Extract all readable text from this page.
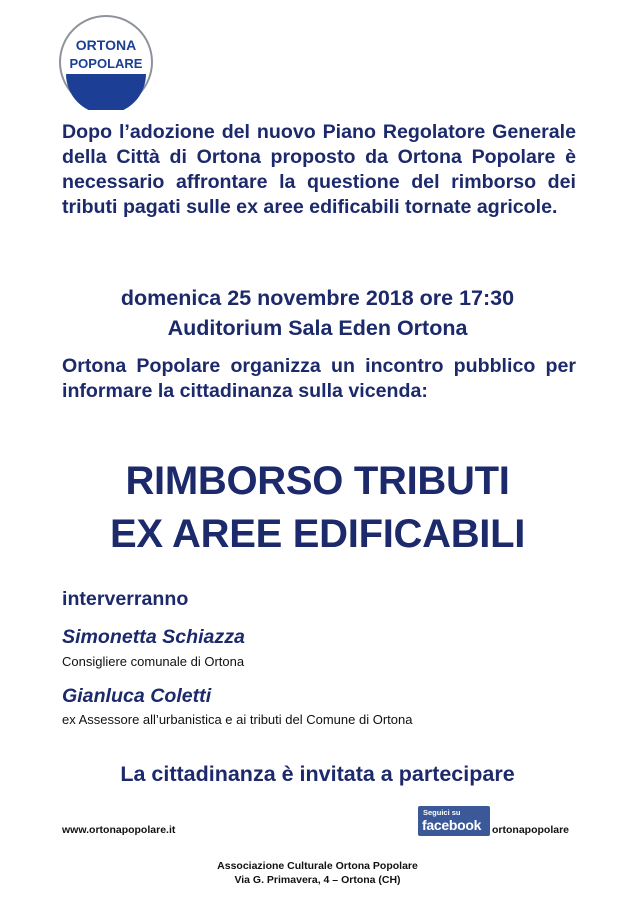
ORTONA
POPOLARE

Dopo l’adozione del nuovo Piano Regolatore Generale della Città di Ortona proposto da Ortona Popolare è necessario affrontare la questione del rimborso dei tributi pagati sulle ex aree edificabili tornate agricole.

domenica 25 novembre 2018 ore 17:30

Auditorium Sala Eden Ortona

Ortona Popolare organizza un incontro pubblico per informare la cittadinanza sulla vicenda:

RIMBORSO TRIBUTI
EX AREE EDIFICABILI

interverranno

Simonetta Schiazza

Consigliere comunale di Ortona

Gianluca Coletti

ex Assessore all’urbanistica e ai tributi del Comune di Ortona

La cittadinanza è invitata a partecipare

www.ortonapopolare.it

Seguici su
facebook ortonapopolare

Associazione Culturale Ortona Popolare

Via G. Primavera, 4 – Ortona (CH)
